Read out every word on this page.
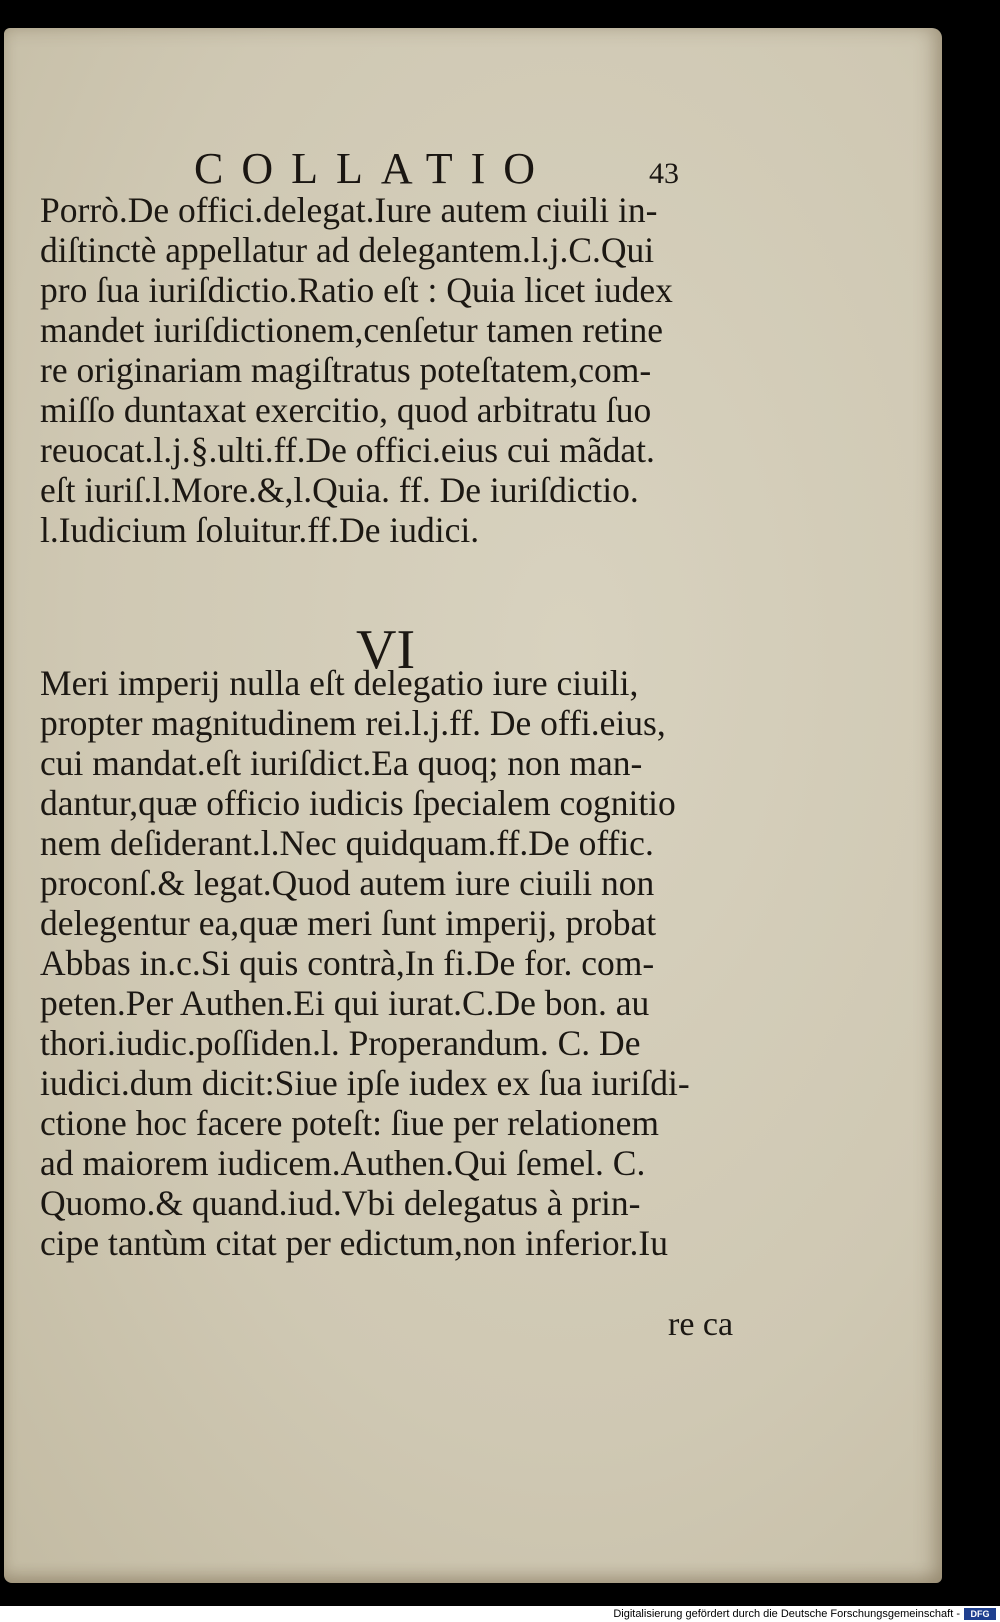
COLLATIO	43
Porrò.De offici.delegat.Iure autem ciuili in-
diſtinctè appellatur ad delegantem.l.j.C.Qui
pro ſua iuriſdictio.Ratio eſt : Quia licet iudex
mandet iuriſdictionem,cenſetur tamen retine
re originariam magiſtratus poteſtatem,com-
miſſo duntaxat exercitio, quod arbitratu ſuo
reuocat.l.j.§.ulti.ff.De offici.eius cui mãdat.
eſt iuriſ.l.More.&,l.Quia. ff. De iuriſdictio.
l.Iudicium ſoluitur.ff.De iudici.
VI
Meri imperij nulla eſt delegatio iure ciuili,
propter magnitudinem rei.l.j.ff. De offi.eius,
cui mandat.eſt iuriſdict.Ea quoq; non man-
dantur,quæ officio iudicis ſpecialem cognitio
nem deſiderant.l.Nec quidquam.ff.De offic.
proconſ.& legat.Quod autem iure ciuili non
delegentur ea,quæ meri ſunt imperij, probat
Abbas in.c.Si quis contrà,In fi.De for. com-
peten.Per Authen.Ei qui iurat.C.De bon. au
thori.iudic.poſſiden.l. Properandum. C. De
iudici.dum dicit:Siue ipſe iudex ex ſua iuriſdi-
ctione hoc facere poteſt: ſiue per relationem
ad maiorem iudicem.Authen.Qui ſemel. C.
Quomo.& quand.iud.Vbi delegatus à prin-
cipe tantùm citat per edictum,non inferior.Iu
re ca
Digitalisierung gefördert durch die Deutsche Forschungsgemeinschaft -	DFG
